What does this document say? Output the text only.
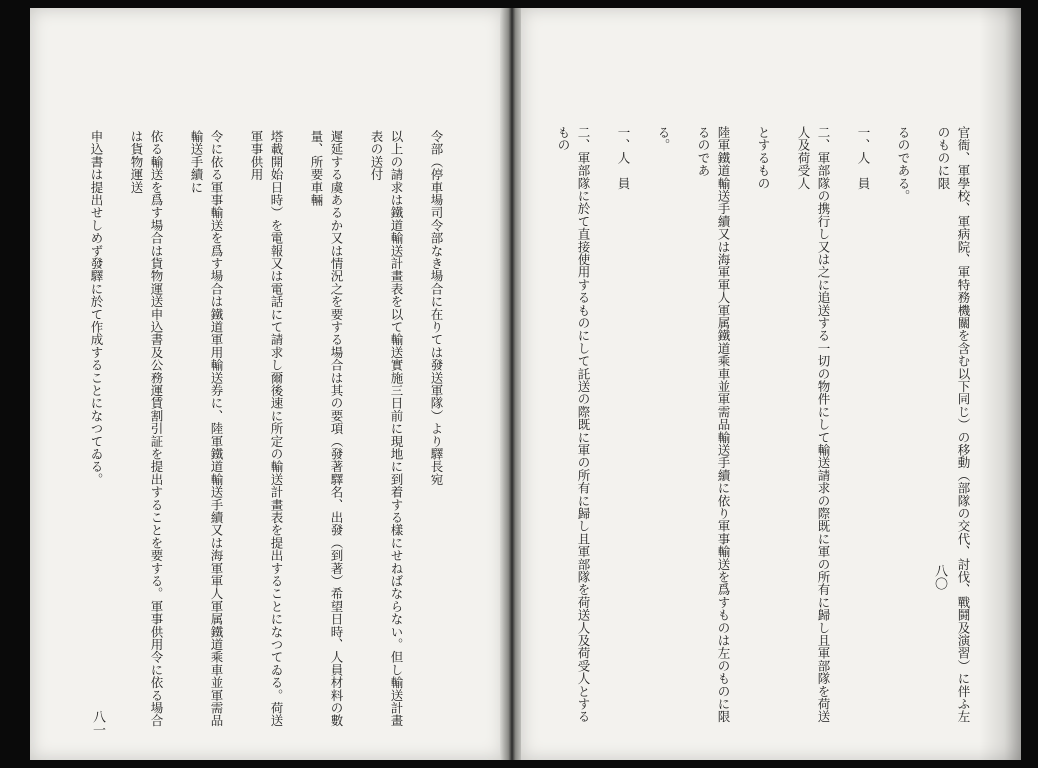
令部（停車場司令部なき場合に在りては發送軍隊）より驛長宛

以上の請求は鐵道輸送計畫表を以て輸送實施三日前に現地に到着する樣にせねばならない。但し輸送計畫表の送付

遲延する虞あるか又は情況之を要する場合は其の要項（發著驛名、出發（到著）希望日時、人員材料の數量、所要車輛

塔載開始日時）を電報又は電話にて請求し爾後速に所定の輸送計畫表を提出することになつてゐる。荷送軍事供用

令に依る軍事輸送を爲す場合は鐵道軍用輸送券に、陸軍鐵道輸送手續又は海軍軍人軍属鐵道乘車並軍需品輸送手續に

依る輸送を爲す場合は貨物運送申込書及公務運賃割引証を提出することを要する。軍事供用令に依る場合は貨物運送

申込書は提出せしめず發驛に於て作成することになつてゐる。

八一

官衙、軍學校、軍病院、軍特務機關を含む以下同じ）の移動（部隊の交代、討伐、戰鬪及演習）に伴ふ左のものに限

るのである。

一、人　員

二、軍部隊の携行し又は之に追送する一切の物件にして輸送請求の際既に軍の所有に歸し且軍部隊を荷送人及荷受人

とするもの

陸軍鐵道輸送手續又は海軍軍人軍属鐵道乘車並軍需品輸送手續に依り軍事輸送を爲すものは左のものに限るのであ

る。

一、人　員

二、軍部隊に於て直接使用するものにして託送の際既に軍の所有に歸し且軍部隊を荷送人及荷受人とするもの

八〇
